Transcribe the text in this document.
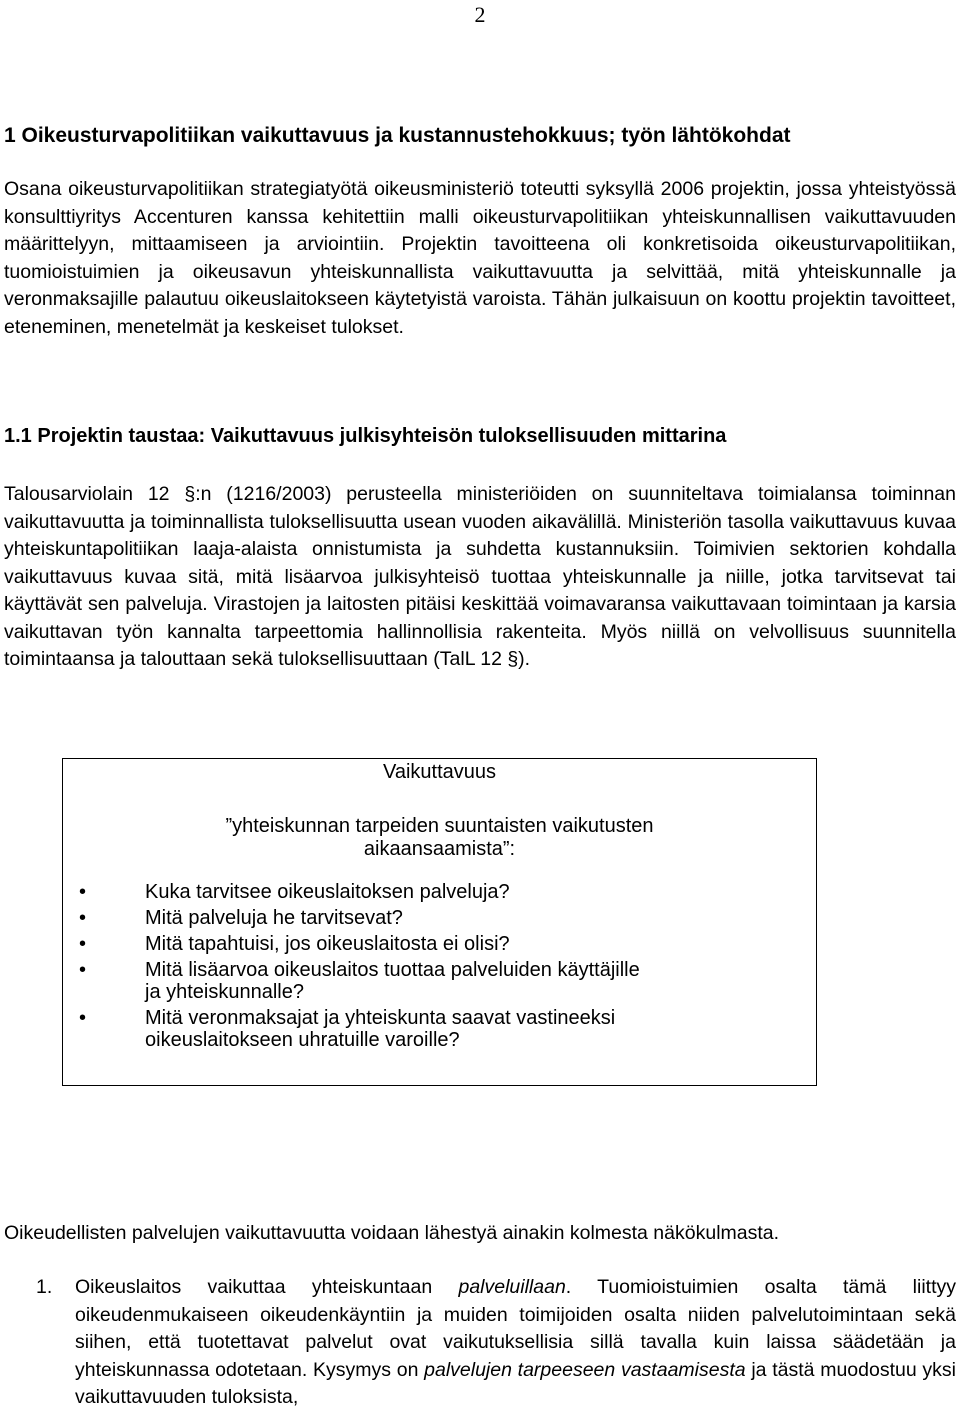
2
1 Oikeusturvapolitiikan vaikuttavuus ja kustannustehokkuus; työn lähtökohdat

Osana oikeusturvapolitiikan strategiatyötä oikeusministeriö toteutti syksyllä 2006 projektin, jossa yhteistyössä konsulttiyritys Accenturen kanssa kehitettiin malli oikeusturvapolitiikan yhteiskunnallisen vaikuttavuuden määrittelyyn, mittaamiseen ja arviointiin. Projektin tavoitteena oli konkretisoida oikeusturvapolitiikan, tuomioistuimien ja oikeusavun yhteiskunnallista vaikuttavuutta ja selvittää, mitä yhteiskunnalle ja veronmaksajille palautuu oikeuslaitokseen käytetyistä varoista. Tähän julkaisuun on koottu projektin tavoitteet, eteneminen, menetelmät ja keskeiset tulokset.

1.1 Projektin taustaa: Vaikuttavuus julkisyhteisön tuloksellisuuden mittarina

Talousarviolain 12 §:n (1216/2003) perusteella ministeriöiden on suunniteltava toimialansa toiminnan vaikuttavuutta ja toiminnallista tuloksellisuutta usean vuoden aikavälillä. Ministeriön tasolla vaikuttavuus kuvaa yhteiskuntapolitiikan laaja-alaista onnistumista ja suhdetta kustannuksiin. Toimivien sektorien kohdalla vaikuttavuus kuvaa sitä, mitä lisäarvoa julkisyhteisö tuottaa yhteiskunnalle ja niille, jotka tarvitsevat tai käyttävät sen palveluja. Virastojen ja laitosten pitäisi keskittää voimavaransa vaikuttavaan toimintaan ja karsia vaikuttavan työn kannalta tarpeettomia hallinnollisia rakenteita. Myös niillä on velvollisuus suunnitella toimintaansa ja talouttaan sekä tuloksellisuuttaan (TalL 12 §).

Vaikuttavuus
”yhteiskunnan tarpeiden suuntaisten vaikutusten
aikaansaamista”:
•	Kuka tarvitsee oikeuslaitoksen palveluja?
•	Mitä palveluja he tarvitsevat?
•	Mitä tapahtuisi, jos oikeuslaitosta ei olisi?
•	Mitä lisäarvoa oikeuslaitos tuottaa palveluiden käyttäjille
ja yhteiskunnalle?
•	Mitä veronmaksajat ja yhteiskunta saavat vastineeksi
oikeuslaitokseen uhratuille varoille?

Oikeudellisten palvelujen vaikuttavuutta voidaan lähestyä ainakin kolmesta näkökulmasta.

1. Oikeuslaitos vaikuttaa yhteiskuntaan palveluillaan. Tuomioistuimien osalta tämä liittyy oikeudenmukaiseen oikeudenkäyntiin ja muiden toimijoiden osalta niiden palvelutoimintaan sekä siihen, että tuotettavat palvelut ovat vaikutuksellisia sillä tavalla kuin laissa säädetään ja yhteiskunnassa odotetaan. Kysymys on palvelujen tarpeeseen vastaamisesta ja tästä muodostuu yksi vaikuttavuuden tuloksista,
